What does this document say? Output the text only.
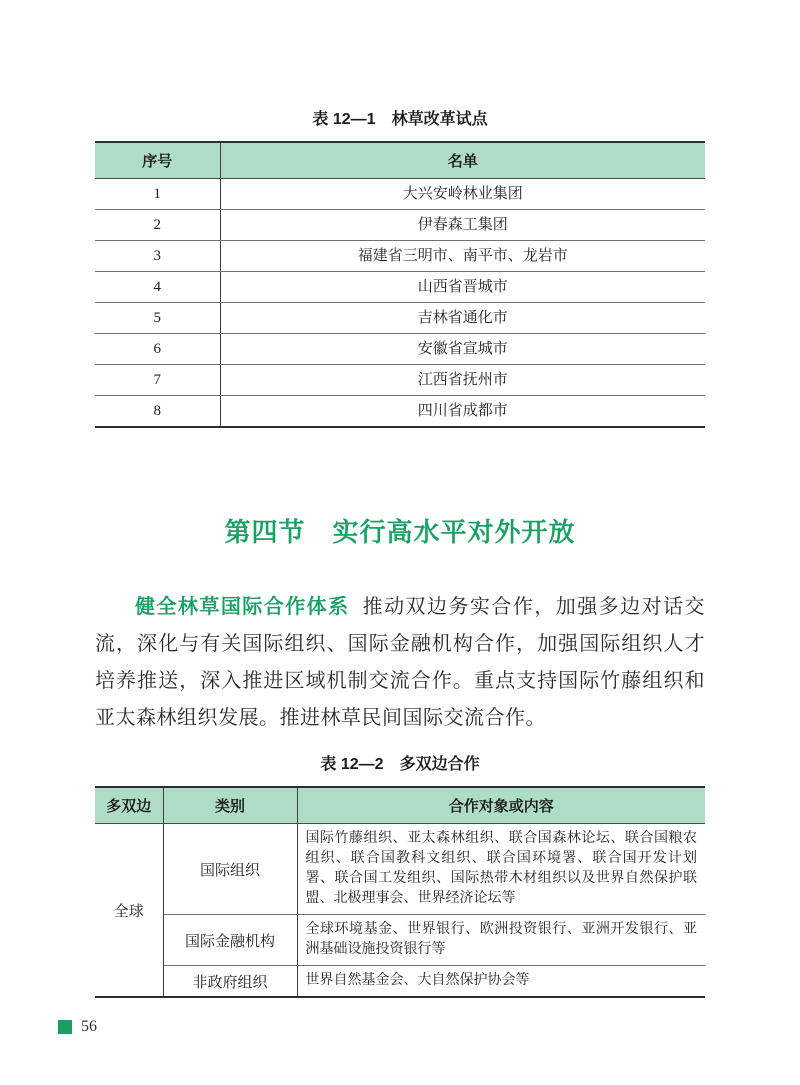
表 12—1　林草改革试点
序号	名单
1	大兴安岭林业集团
2	伊春森工集团
3	福建省三明市、南平市、龙岩市
4	山西省晋城市
5	吉林省通化市
6	安徽省宣城市
7	江西省抚州市
8	四川省成都市
第四节　实行高水平对外开放

健全林草国际合作体系 推动双边务实合作，加强多边对话交流，深化与有关国际组织、国际金融机构合作，加强国际组织人才培养推送，深入推进区域机制交流合作。重点支持国际竹藤组织和亚太森林组织发展。推进林草民间国际交流合作。

表 12—2　多双边合作
多双边	类别	合作对象或内容
全球	国际组织	国际竹藤组织、亚太森林组织、联合国森林论坛、联合国粮农组织、联合国教科文组织、联合国环境署、联合国开发计划署、联合国工发组织、国际热带木材组织以及世界自然保护联盟、北极理事会、世界经济论坛等
	国际金融机构	全球环境基金、世界银行、欧洲投资银行、亚洲开发银行、亚洲基础设施投资银行等
	非政府组织	世界自然基金会、大自然保护协会等
56
